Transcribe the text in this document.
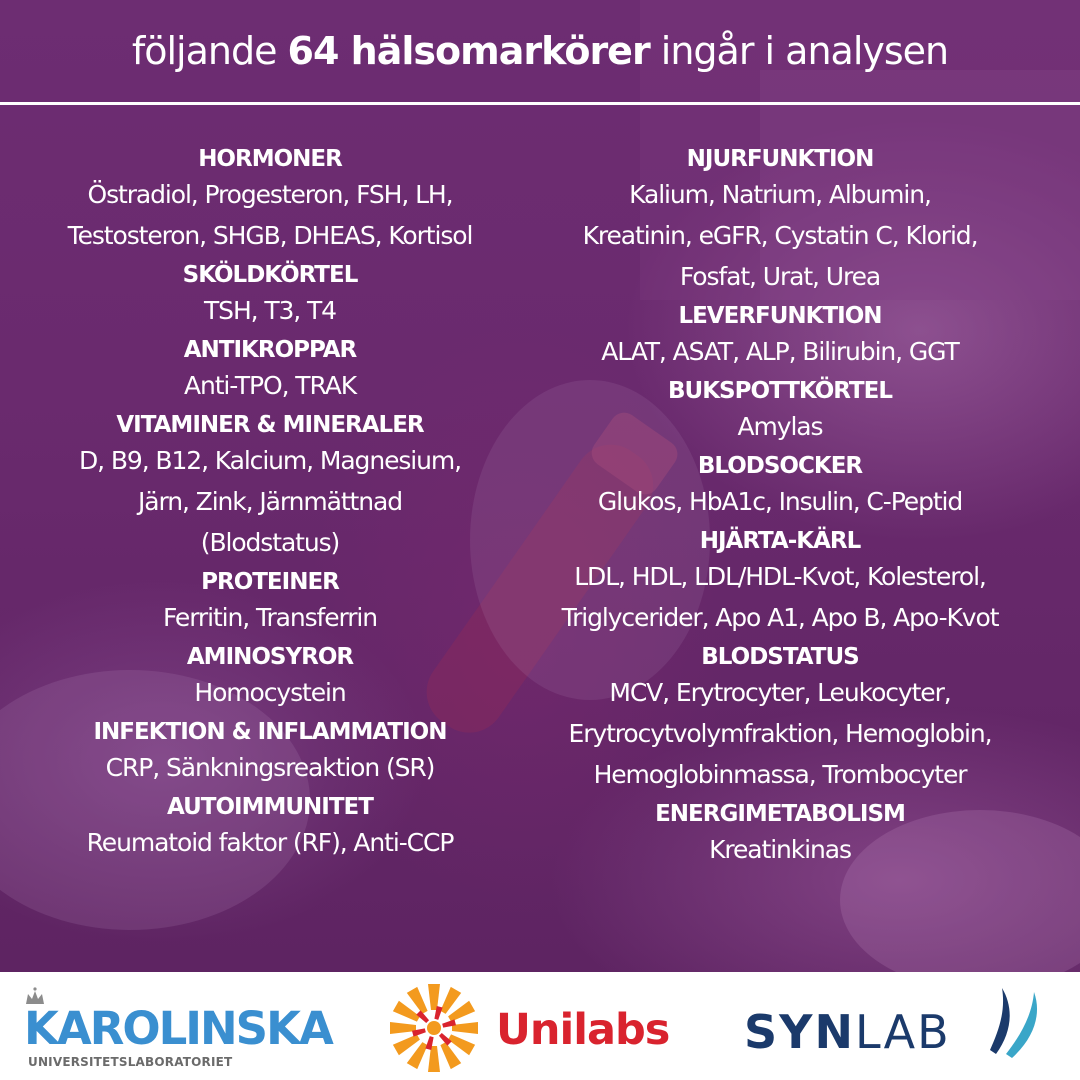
följande 64 hälsomarkörer ingår i analysen
HORMONER
Östradiol, Progesteron, FSH, LH,
Testosteron, SHGB, DHEAS, Kortisol
SKÖLDKÖRTEL
TSH, T3, T4
ANTIKROPPAR
Anti-TPO, TRAK
VITAMINER & MINERALER
D, B9, B12, Kalcium, Magnesium,
Järn, Zink, Järnmättnad
(Blodstatus)
PROTEINER
Ferritin, Transferrin
AMINOSYROR
Homocystein
INFEKTION & INFLAMMATION
CRP, Sänkningsreaktion (SR)
AUTOIMMUNITET
Reumatoid faktor (RF), Anti-CCP
NJURFUNKTION
Kalium, Natrium, Albumin,
Kreatinin, eGFR, Cystatin C, Klorid,
Fosfat, Urat, Urea
LEVERFUNKTION
ALAT, ASAT, ALP, Bilirubin, GGT
BUKSPOTTKÖRTEL
Amylas
BLODSOCKER
Glukos, HbA1c, Insulin, C-Peptid
HJÄRTA-KÄRL
LDL, HDL, LDL/HDL-Kvot, Kolesterol,
Triglycerider, Apo A1, Apo B, Apo-Kvot
BLODSTATUS
MCV, Erytrocyter, Leukocyter,
Erytrocytvolymfraktion, Hemoglobin,
Hemoglobinmassa, Trombocyter
ENERGIMETABOLISM
Kreatinkinas
KAROLINSKA
UNIVERSITETSLABORATORIET
Unilabs SYNLAB
